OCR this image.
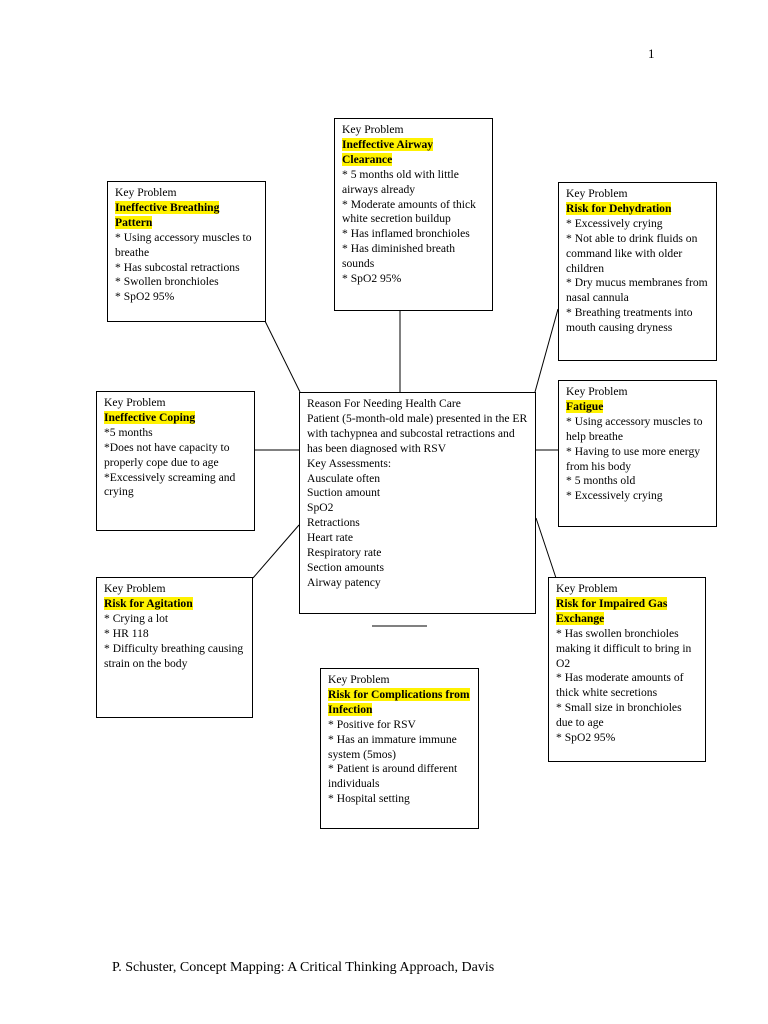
1
Reason For Needing Health Care
Patient (5-month-old male) presented in the ER with tachypnea and subcostal retractions and has been diagnosed with RSV
Key Assessments:
Ausculate often
Suction amount
SpO2
Retractions
Heart rate
Respiratory rate
Section amounts
Airway patency
Key Problem
Ineffective Airway Clearance
* 5 months old with little airways already
* Moderate amounts of thick white secretion buildup
* Has inflamed bronchioles
* Has diminished breath sounds
* SpO2 95%
Key Problem
Ineffective Breathing Pattern
* Using accessory muscles to breathe
* Has subcostal retractions
* Swollen bronchioles
* SpO2 95%
Key Problem
Risk for Dehydration
* Excessively crying
* Not able to drink fluids on command like with older children
* Dry mucus membranes from nasal cannula
* Breathing treatments into mouth causing dryness
Key Problem
Ineffective Coping
*5 months
*Does not have capacity to properly cope due to age
*Excessively screaming and crying
Key Problem
Fatigue
* Using accessory muscles to help breathe
* Having to use more energy from his body
* 5 months old
* Excessively crying
Key Problem
Risk for Agitation
* Crying a lot
* HR 118
* Difficulty breathing causing strain on the body
Key Problem
Risk for Impaired Gas Exchange
* Has swollen bronchioles making it difficult to bring in O2
* Has moderate amounts of thick white secretions
* Small size in bronchioles due to age
* SpO2 95%
Key Problem
Risk for Complications from Infection
* Positive for RSV
* Has an immature immune system (5mos)
* Patient is around different individuals
* Hospital setting
P. Schuster, Concept Mapping: A Critical Thinking Approach, Davis
